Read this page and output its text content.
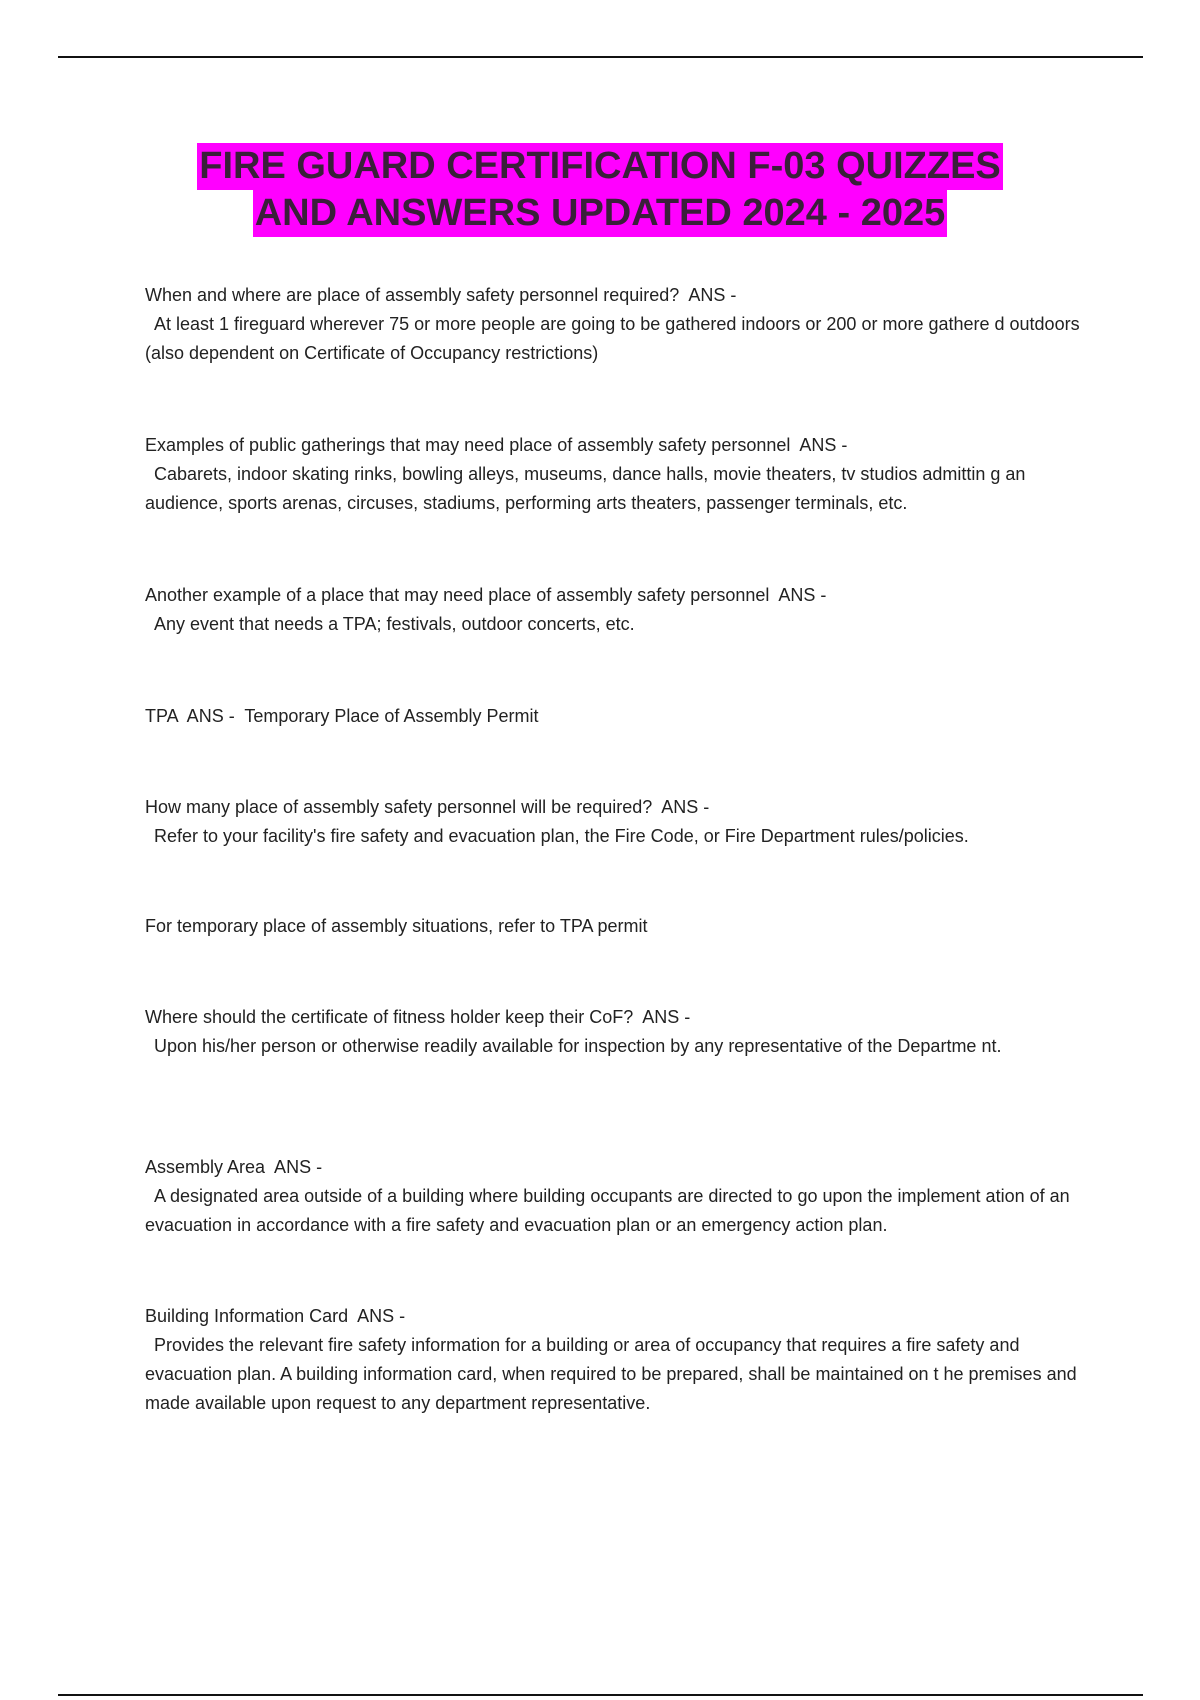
FIRE GUARD CERTIFICATION F-03 QUIZZES
AND ANSWERS UPDATED 2024 - 2025
When and where are place of assembly safety personnel required?  ANS -

At least 1 fireguard wherever 75 or more people are going to be gathered indoors or 200 or more gathere d outdoors (also dependent on Certificate of Occupancy restrictions)

Examples of public gatherings that may need place of assembly safety personnel  ANS -

Cabarets, indoor skating rinks, bowling alleys, museums, dance halls, movie theaters, tv studios admittin g an audience, sports arenas, circuses, stadiums, performing arts theaters, passenger terminals, etc.

Another example of a place that may need place of assembly safety personnel  ANS -

Any event that needs a TPA; festivals, outdoor concerts, etc.

TPA  ANS -  Temporary Place of Assembly Permit
How many place of assembly safety personnel will be required?  ANS -

Refer to your facility's fire safety and evacuation plan, the Fire Code, or Fire Department rules/policies.

For temporary place of assembly situations, refer to TPA permit
Where should the certificate of fitness holder keep their CoF?  ANS -

Upon his/her person or otherwise readily available for inspection by any representative of the Departme nt.

Assembly Area  ANS -

A designated area outside of a building where building occupants are directed to go upon the implement ation of an evacuation in accordance with a fire safety and evacuation plan or an emergency action plan.

Building Information Card  ANS -

Provides the relevant fire safety information for a building or area of occupancy that requires a fire safety and evacuation plan. A building information card, when required to be prepared, shall be maintained on t he premises and made available upon request to any department representative.
